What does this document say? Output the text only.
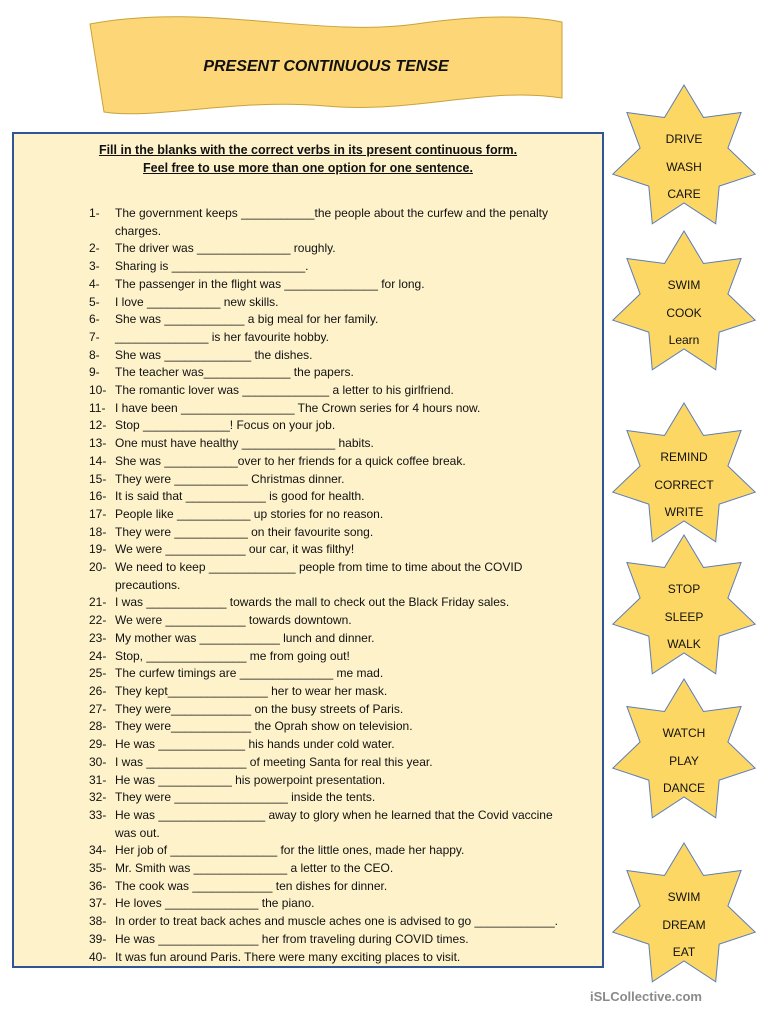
PRESENT CONTINUOUS TENSE
Fill in the blanks with the correct verbs in its present continuous form.
Feel free to use more than one option for one sentence.
1- The government keeps ___________the people about the curfew and the penalty
charges.
2- The driver was ______________ roughly.
3- Sharing is ____________________.
4- The passenger in the flight was ______________ for long.
5- I love ___________ new skills.
6- She was ____________ a big meal for her family.
7- ______________ is her favourite hobby.
8- She was _____________ the dishes.
9- The teacher was_____________ the papers.
10- The romantic lover was _____________ a letter to his girlfriend.
11- I have been _________________ The Crown series for 4 hours now.
12- Stop _____________! Focus on your job.
13- One must have healthy ______________ habits.
14- She was ___________over to her friends for a quick coffee break.
15- They were ___________ Christmas dinner.
16- It is said that ____________ is good for health.
17- People like ___________ up stories for no reason.
18- They were ___________ on their favourite song.
19- We were ____________ our car, it was filthy!
20- We need to keep _____________ people from time to time about the COVID
precautions.
21- I was ____________ towards the mall to check out the Black Friday sales.
22- We were ____________ towards downtown.
23- My mother was ____________ lunch and dinner.
24- Stop, _______________ me from going out!
25- The curfew timings are ______________ me mad.
26- They kept_______________ her to wear her mask.
27- They were____________ on the busy streets of Paris.
28- They were____________ the Oprah show on television.
29- He was _____________ his hands under cold water.
30- I was _______________ of meeting Santa for real this year.
31- He was ___________ his powerpoint presentation.
32- They were _________________ inside the tents.
33- He was ________________ away to glory when he learned that the Covid vaccine
was out.
34- Her job of ________________ for the little ones, made her happy.
35- Mr. Smith was ______________ a letter to the CEO.
36- The cook was ____________ ten dishes for dinner.
37- He loves ______________ the piano.
38- In order to treat back aches and muscle aches one is advised to go ____________.
39- He was _______________ her from traveling during COVID times.
40- It was fun around Paris. There were many exciting places to visit.
DRIVE
WASH
CARE
SWIM
COOK
Learn
REMIND
CORRECT
WRITE
STOP
SLEEP
WALK
WATCH
PLAY
DANCE
SWIM
DREAM
EAT
iSLCollective.com
